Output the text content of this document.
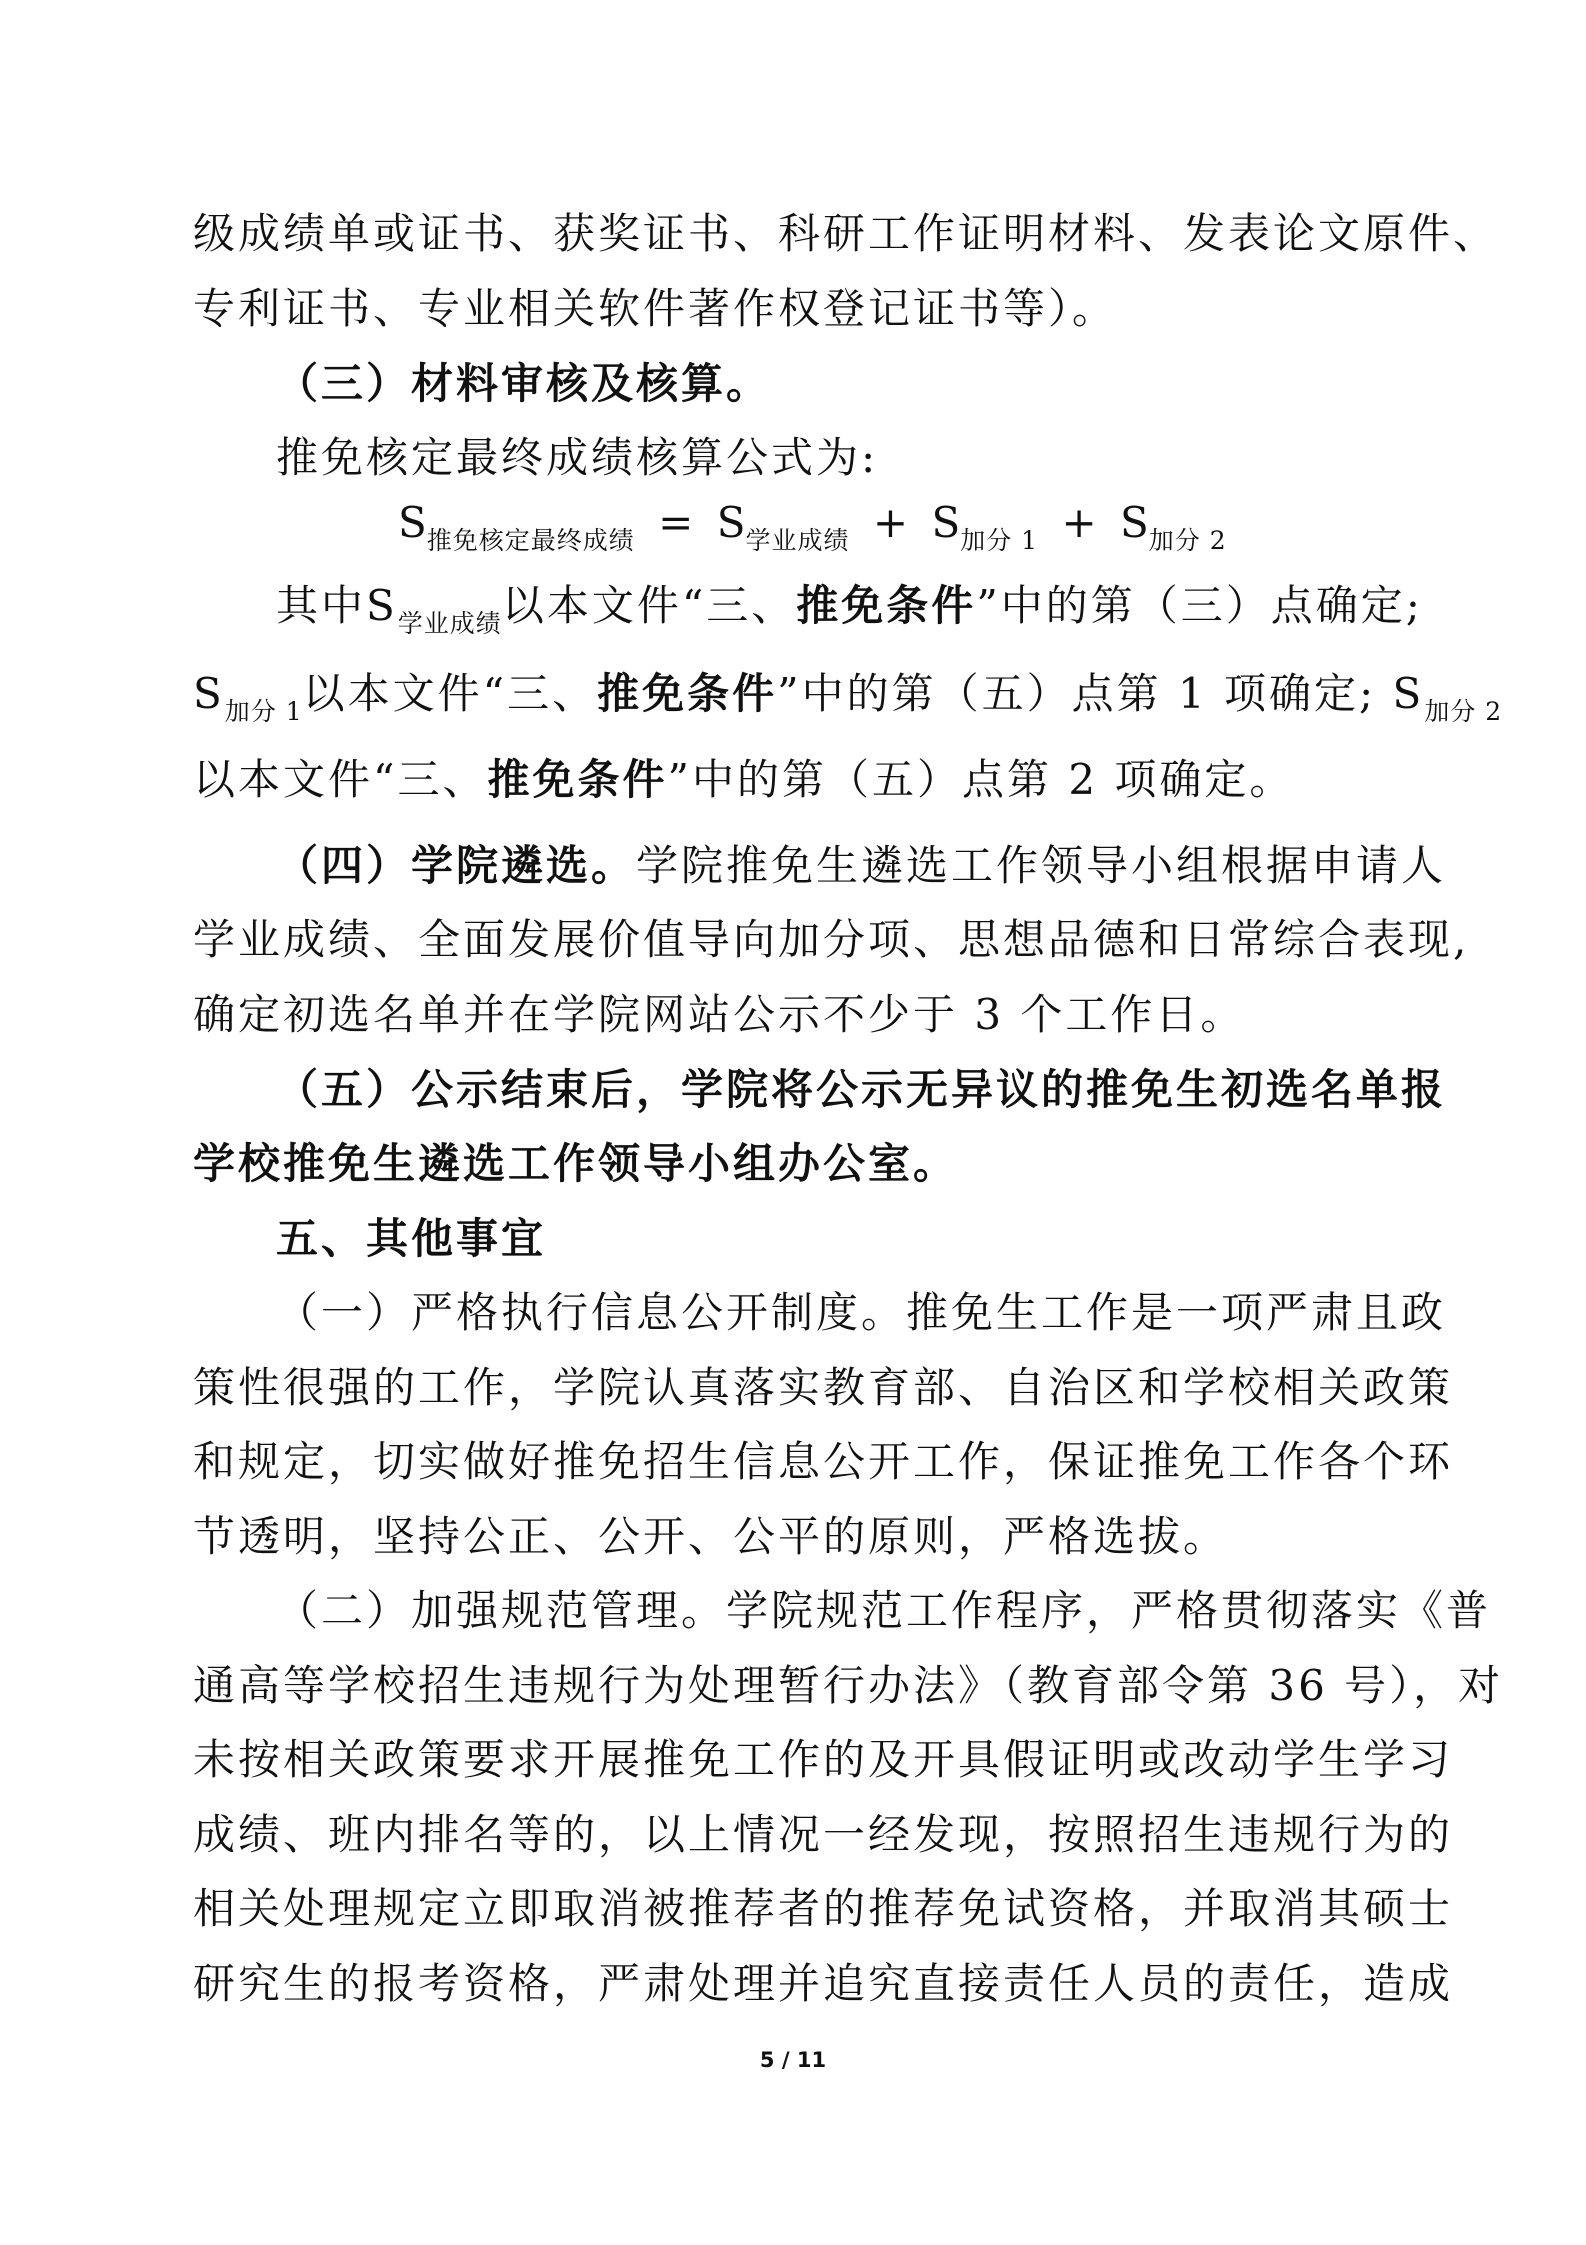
级成绩单或证书、获奖证书、科研工作证明材料、发表论文原件、
专利证书、专业相关软件著作权登记证书等）。
（三）材料审核及核算。
推免核定最终成绩核算公式为:
$S_{推免核定最终成绩} = S_{学业成绩} + S_{加分 1} + S_{加分 2}$
其中$S_{学业成绩}$以本文件“三、推免条件”中的第（三）点确定;
$S_{加分 1}$以本文件“三、推免条件”中的第（五）点第 1 项确定; $S_{加分 2}$
以本文件“三、推免条件”中的第（五）点第 2 项确定。
（四）学院遴选。学院推免生遴选工作领导小组根据申请人
学业成绩、全面发展价值导向加分项、思想品德和日常综合表现,
确定初选名单并在学院网站公示不少于 3 个工作日。
（五）公示结束后，学院将公示无异议的推免生初选名单报
学校推免生遴选工作领导小组办公室。
五、其他事宜
（一）严格执行信息公开制度。推免生工作是一项严肃且政
策性很强的工作，学院认真落实教育部、自治区和学校相关政策
和规定，切实做好推免招生信息公开工作，保证推免工作各个环
节透明，坚持公正、公开、公平的原则，严格选拔。
（二）加强规范管理。学院规范工作程序，严格贯彻落实《普
通高等学校招生违规行为处理暂行办法》（教育部令第 36 号），对
未按相关政策要求开展推免工作的及开具假证明或改动学生学习
成绩、班内排名等的，以上情况一经发现，按照招生违规行为的
相关处理规定立即取消被推荐者的推荐免试资格，并取消其硕士
研究生的报考资格，严肃处理并追究直接责任人员的责任，造成
5 / 11
